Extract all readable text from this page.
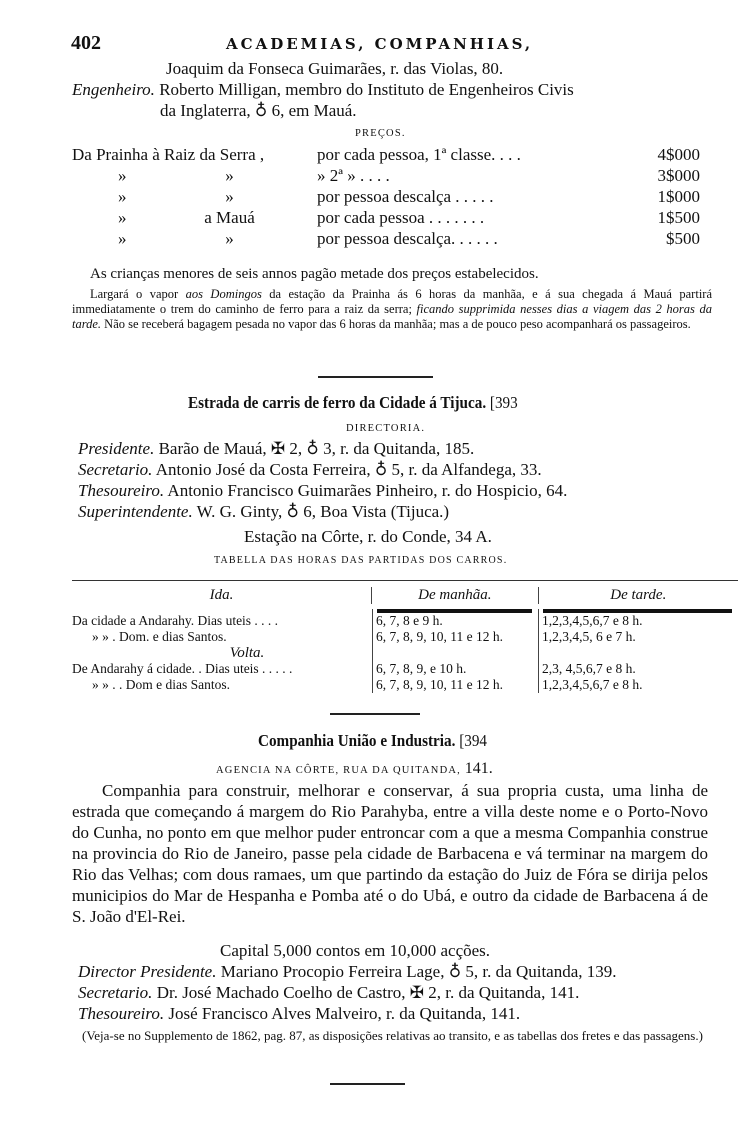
402	ACADEMIAS, COMPANHIAS,
Joaquim da Fonseca Guimarães, r. das Violas, 80.
Engenheiro. Roberto Milligan, membro do Instituto de Engenheiros Civis
da Inglaterra, ♁ 6, em Mauá.
PREÇOS.
Da Prainha à Raiz da Serra ,	por cada pessoa, 1ª classe. . . .	4$000
»	»	» 2ª » . . . .	3$000
»	»	por pessoa descalça . . . . .	1$000
»	a Mauá	por cada pessoa . . . . . . .	1$500
»	»	por pessoa descalça. . . . . .	$500
As crianças menores de seis annos pagão metade dos preços estabelecidos.
Largará o vapor aos Domingos da estação da Prainha ás 6 horas da manhãa, e á sua chegada á Mauá partirá immediatamente o trem do caminho de ferro para a raiz da serra; ficando supprimida nesses dias a viagem das 2 horas da tarde. Não se receberá bagagem pesada no vapor das 6 horas da manhãa; mas a de pouco peso acompanhará os passageiros.
Estrada de carris de ferro da Cidade á Tijuca. [393
DIRECTORIA.
Presidente. Barão de Mauá, ✠ 2, ♁ 3, r. da Quitanda, 185.
Secretario. Antonio José da Costa Ferreira, ♁ 5, r. da Alfandega, 33.
Thesoureiro. Antonio Francisco Guimarães Pinheiro, r. do Hospicio, 64.
Superintendente. W. G. Ginty, ♁ 6, Boa Vista (Tijuca.)
Estação na Côrte, r. do Conde, 34 A.
TABELLA DAS HORAS DAS PARTIDAS DOS CARROS.
Ida.	De manhãa.	De tarde.
Da cidade a Andarahy. Dias uteis . . . .	6, 7, 8 e 9 h.	1,2,3,4,5,6,7 e 8 h.
» » . Dom. e dias Santos.	6, 7, 8, 9, 10, 11 e 12 h.	1,2,3,4,5, 6 e 7 h.
Volta.
De Andarahy á cidade. . Dias uteis . . . . .	6, 7, 8, 9, e 10 h.	2,3, 4,5,6,7 e 8 h.
» » . . Dom e dias Santos.	6, 7, 8, 9, 10, 11 e 12 h.	1,2,3,4,5,6,7 e 8 h.
Companhia União e Industria. [394
AGENCIA NA CÔRTE, RUA DA QUITANDA, 141.
Companhia para construir, melhorar e conservar, á sua propria custa, uma linha de estrada que começando á margem do Rio Parahyba, entre a villa deste nome e o Porto-Novo do Cunha, no ponto em que melhor puder entroncar com a que a mesma Companhia construe na provincia do Rio de Janeiro, passe pela cidade de Barbacena e vá terminar na margem do Rio das Velhas; com dous ramaes, um que partindo da estação do Juiz de Fóra se dirija pelos municipios do Mar de Hespanha e Pomba até o do Ubá, e outro da cidade de Barbacena á de S. João d'El-Rei.
Capital 5,000 contos em 10,000 acções.
Director Presidente. Mariano Procopio Ferreira Lage, ♁ 5, r. da Quitanda, 139.
Secretario. Dr. José Machado Coelho de Castro, ✠ 2, r. da Quitanda, 141.
Thesoureiro. José Francisco Alves Malveiro, r. da Quitanda, 141.
(Veja-se no Supplemento de 1862, pag. 87, as disposições relativas ao transito, e as tabellas dos fretes e das passagens.)
